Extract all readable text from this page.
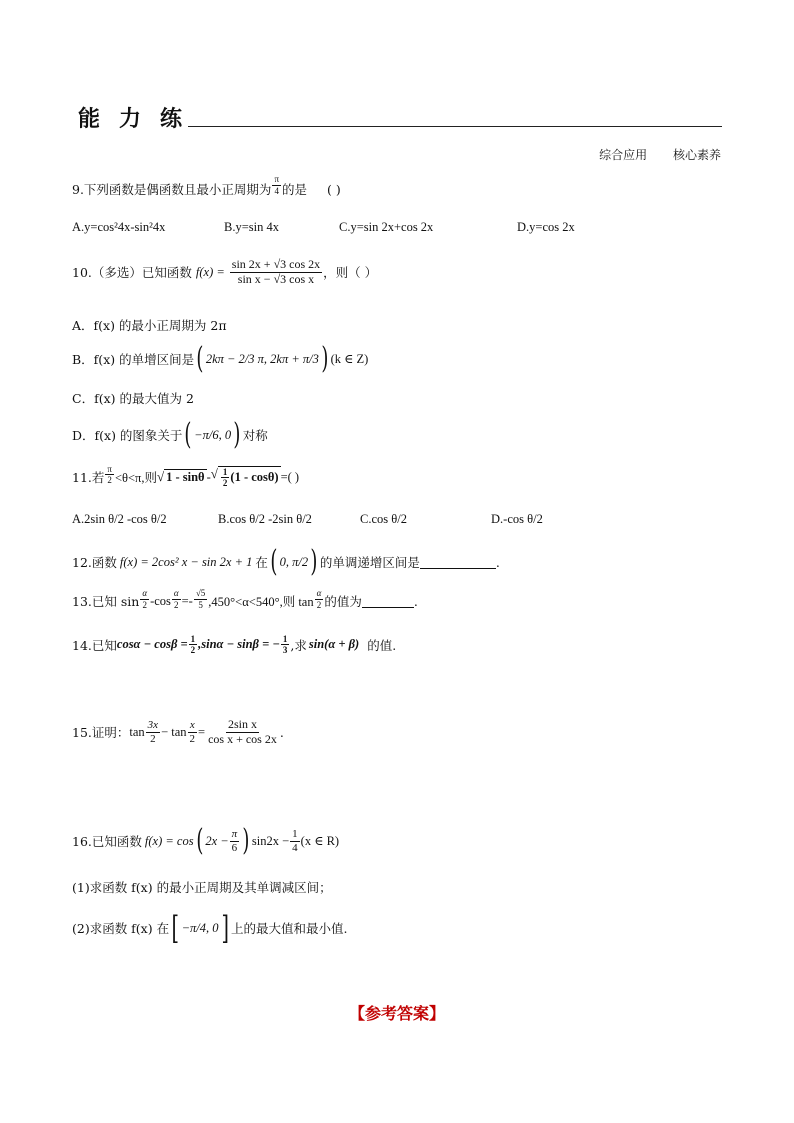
能力练
综合应用 核心素养
9.下列函数是偶函数且最小正周期为 $\frac{\pi}{4}$ 的是 ( )
A.y=cos²4x-sin²4x	B.y=sin 4x	C.y=sin 2x+cos 2x	D.y=cos 2x
10.（多选）已知函数 $f(x) = \frac{\sin 2x + √3 \cos 2x}{\text{sin x − √3 cos x}}$ ，则（ ）
A．f(x) 的最小正周期为 2π
B．f(x) 的单增区间是 ( 2kπ − 2/3 π, 2kπ + π/3 ) (k ∈ Z)
C．f(x) 的最大值为 2
D．f(x) 的图象关于 ( −π/6, 0 ) 对称
11.若 $\frac{\pi}{2} <\theta<\pi$,则 √ 1 - sinθ - √ $\frac{1}{2} (1 - \cos\theta)$ =( )
A.2sin θ/2 -cos θ/2	B.cos θ/2 -2sin θ/2	C.cos θ/2	D.-cos θ/2
12.函数 f(x) = 2cos² x − sin 2x + 1 在 ( 0, π/2 ) 的单调递增区间是	.
13.已知 $\sin \frac{\alpha}{2} -\cos \frac{\alpha}{2} =- \frac{√5}{5} ,450^\circ<\alpha<540^\circ$,则 $\tan \frac{\alpha}{2}$ 的值为	.
14.已知 $\cos\alpha - \cos\beta = \frac{1}{2} ,\sin\alpha - \sin\beta$ = − $\frac{1}{3}$ ,求 sin(α + β) 的值.
15.证明： $\tan \frac{3x}{2} - \tan \frac{x}{2} = \frac{\text{2sin x}}{\text{cos x + cos 2x}}$ .
16.已知函数 f(x) = cos ( $2x - \frac{\pi}{6}$ ) $\sin 2x - \frac{1}{4} (x$ ∈ R)
(1)求函数 f(x) 的最小正周期及其单调减区间；
(2)求函数 f(x) 在 [ −π/4, 0 ] 上的最大值和最小值.
【参考答案】
